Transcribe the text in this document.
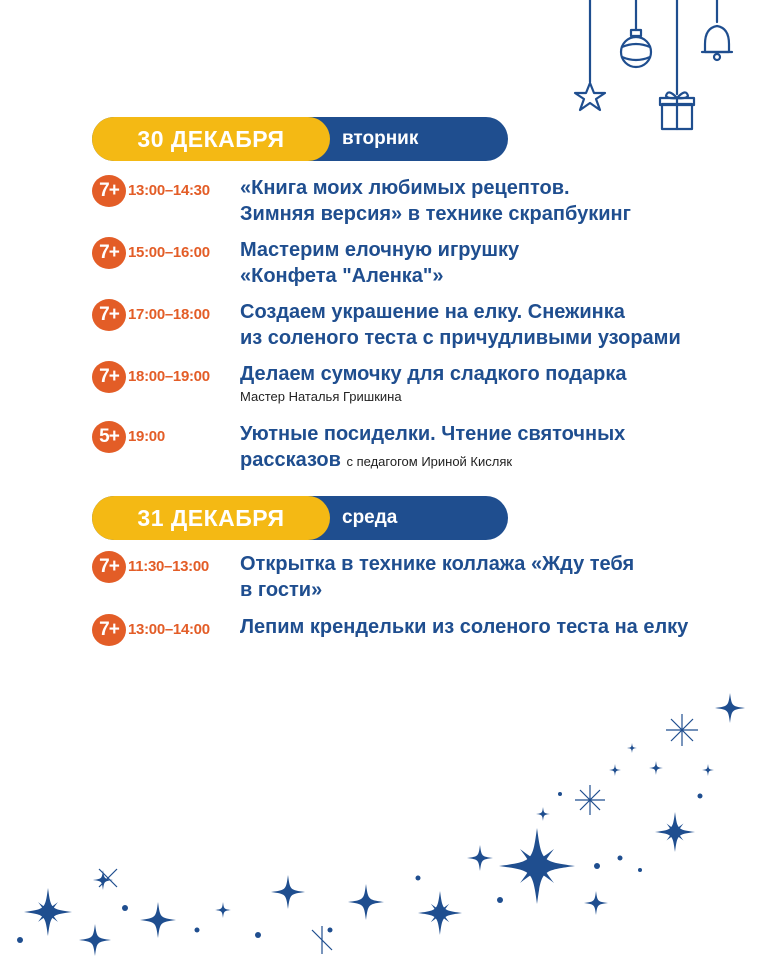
30 ДЕКАБРЯ	вторник
7+ 13:00–14:30 «Книга моих любимых рецептов.
Зимняя версия» в технике скрапбукинг
7+ 15:00–16:00 Мастерим елочную игрушку
«Конфета "Аленка"»
7+ 17:00–18:00 Создаем украшение на елку. Снежинка
из соленого теста с причудливыми узорами
7+ 18:00–19:00 Делаем сумочку для сладкого подарка
Мастер Наталья Гришкина
5+ 19:00	Уютные посиделки. Чтение святочных
рассказов с педагогом Ириной Кисляк
31 ДЕКАБРЯ	среда
7+ 11:30–13:00 Открытка в технике коллажа «Жду тебя
в гости»
7+ 13:00–14:00 Лепим крендельки из соленого теста на елку
